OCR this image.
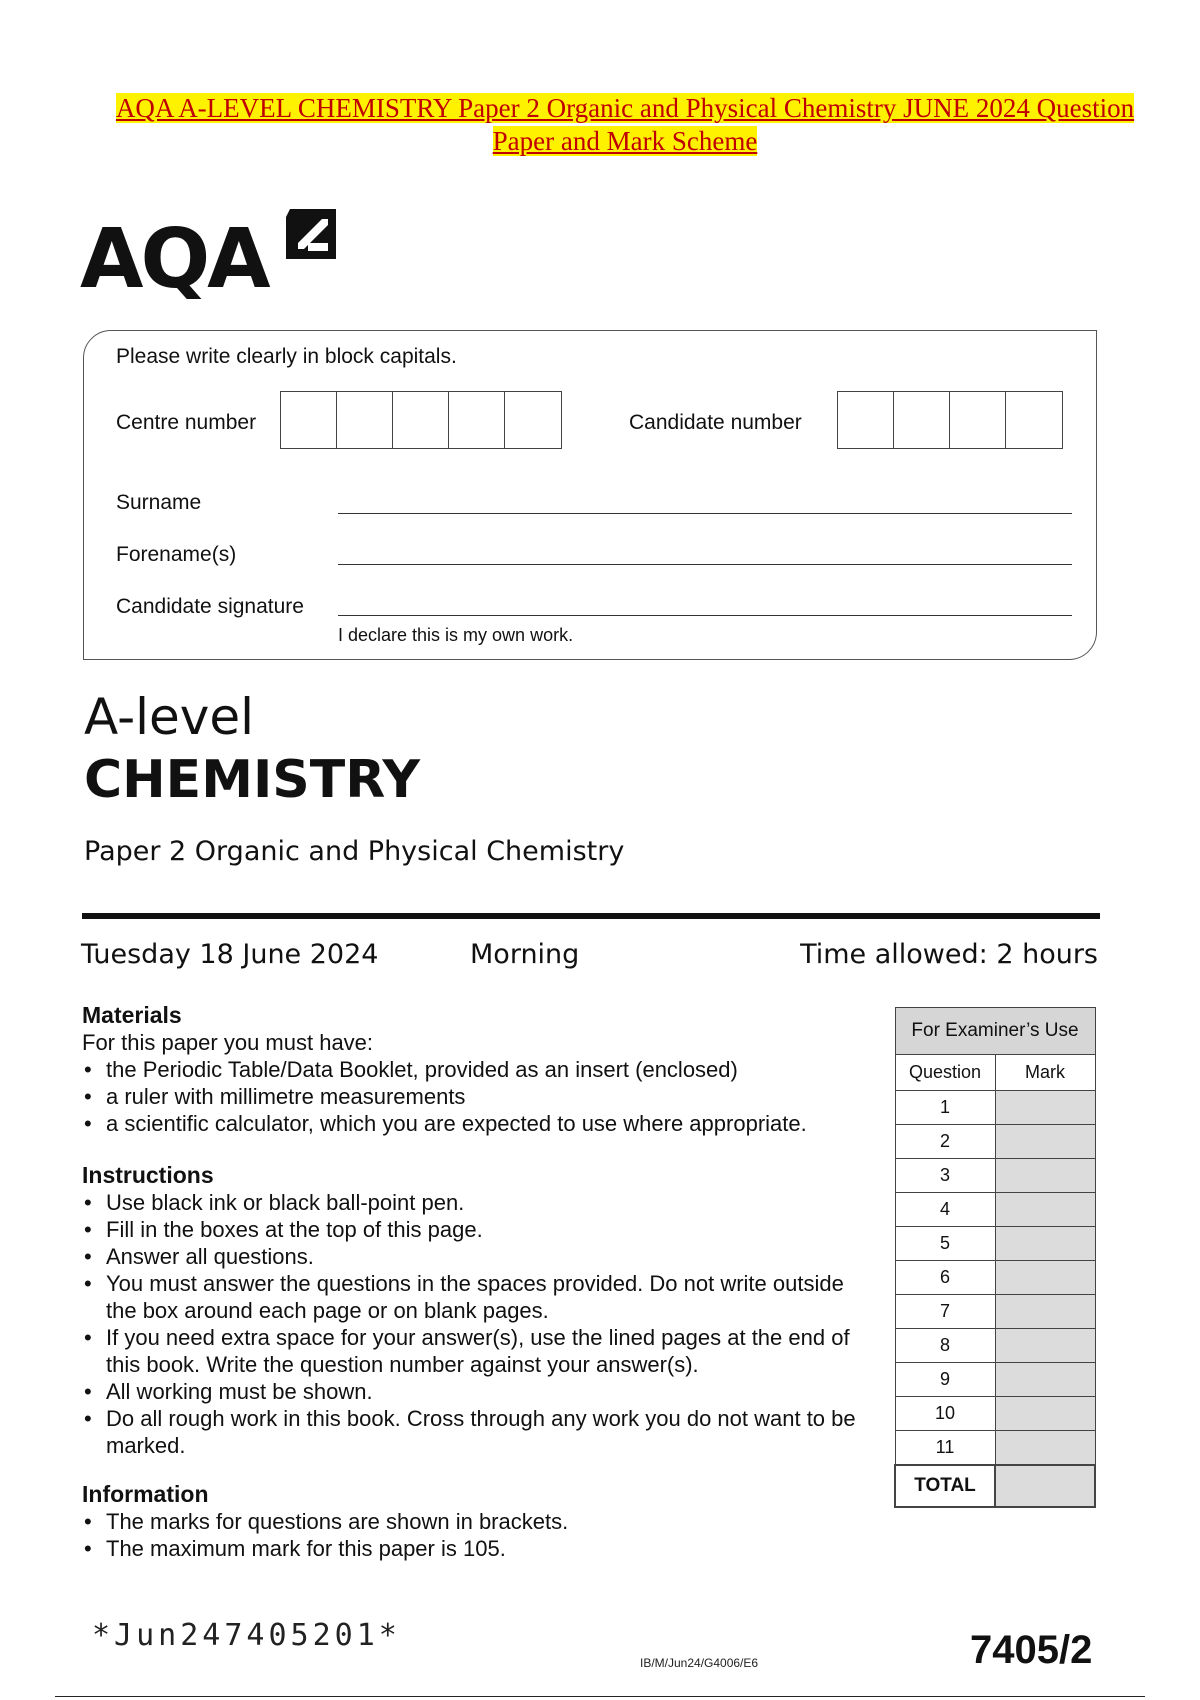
AQA A-LEVEL CHEMISTRY Paper 2 Organic and Physical Chemistry JUNE 2024 Question
Paper and Mark Scheme
AQA
Please write clearly in block capitals.
Centre number	Candidate number
Surname
Forename(s)
Candidate signature
I declare this is my own work.
A-level
CHEMISTRY
Paper 2 Organic and Physical Chemistry
Tuesday 18 June 2024	Morning	Time allowed: 2 hours
Materials

For this paper you must have:

• the Periodic Table/Data Booklet, provided as an insert (enclosed)
• a ruler with millimetre measurements
• a scientific calculator, which you are expected to use where appropriate.
Instructions
• Use black ink or black ball-point pen.
• Fill in the boxes at the top of this page.
• Answer all questions.
• You must answer the questions in the spaces provided. Do not write outside the box around each page or on blank pages.
• If you need extra space for your answer(s), use the lined pages at the end of this book. Write the question number against your answer(s).
• All working must be shown.
• Do all rough work in this book. Cross through any work you do not want to be marked.
Information
• The marks for questions are shown in brackets.
• The maximum mark for this paper is 105.
For Examiner’s Use	
Question	Mark
1	
2	
3	
4	
5	
6	
7	
8	
9	
10	
11	
TOTAL	
*Jun247405201*
IB/M/Jun24/G4006/E6	7405/2
